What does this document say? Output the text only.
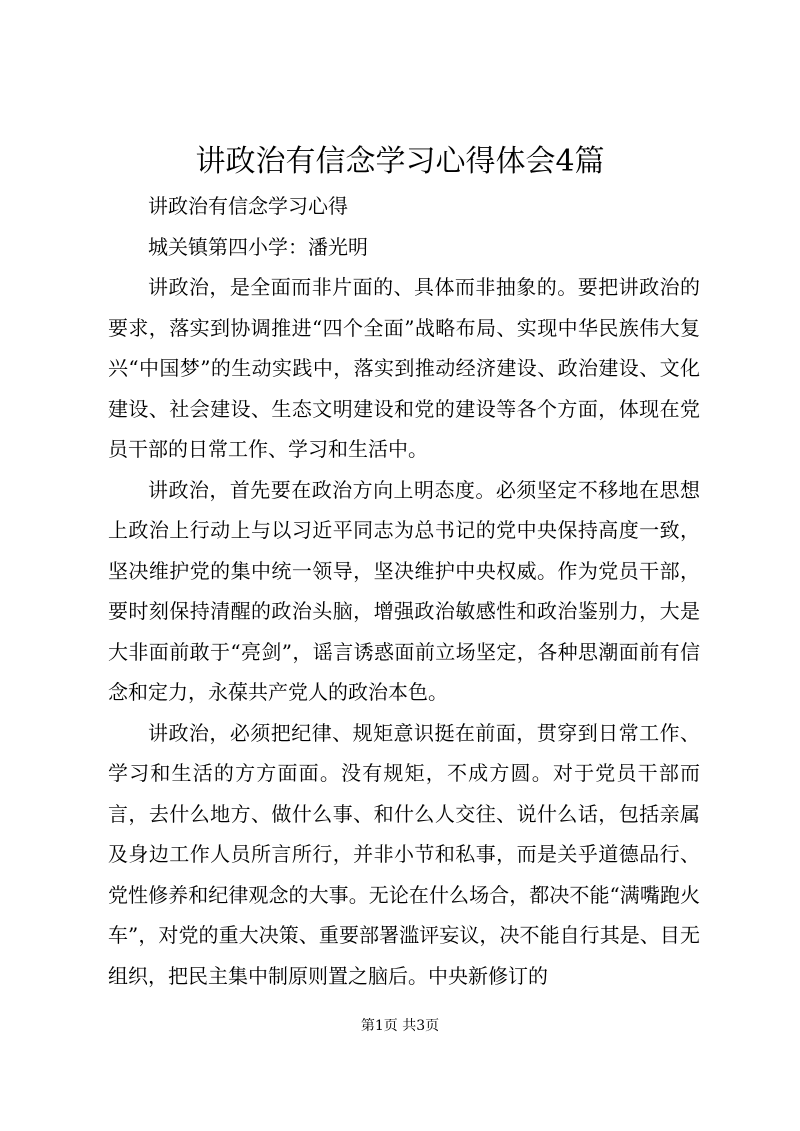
讲政治有信念学习心得体会4篇

讲政治有信念学习心得

城关镇第四小学：潘光明

讲政治，是全面而非片面的、具体而非抽象的。要把讲政治的要求，落实到协调推进“四个全面”战略布局、实现中华民族伟大复兴“中国梦”的生动实践中，落实到推动经济建设、政治建设、文化建设、社会建设、生态文明建设和党的建设等各个方面，体现在党员干部的日常工作、学习和生活中。

讲政治，首先要在政治方向上明态度。必须坚定不移地在思想上政治上行动上与以习近平同志为总书记的党中央保持高度一致，坚决维护党的集中统一领导，坚决维护中央权威。作为党员干部，要时刻保持清醒的政治头脑，增强政治敏感性和政治鉴别力，大是大非面前敢于“亮剑”，谣言诱惑面前立场坚定，各种思潮面前有信念和定力，永葆共产党人的政治本色。

讲政治，必须把纪律、规矩意识挺在前面，贯穿到日常工作、学习和生活的方方面面。没有规矩，不成方圆。对于党员干部而言，去什么地方、做什么事、和什么人交往、说什么话，包括亲属及身边工作人员所言所行，并非小节和私事，而是关乎道德品行、党性修养和纪律观念的大事。无论在什么场合，都决不能“满嘴跑火车”，对党的重大决策、重要部署滥评妄议，决不能自行其是、目无组织，把民主集中制原则置之脑后。中央新修订的

第1页 共3页
